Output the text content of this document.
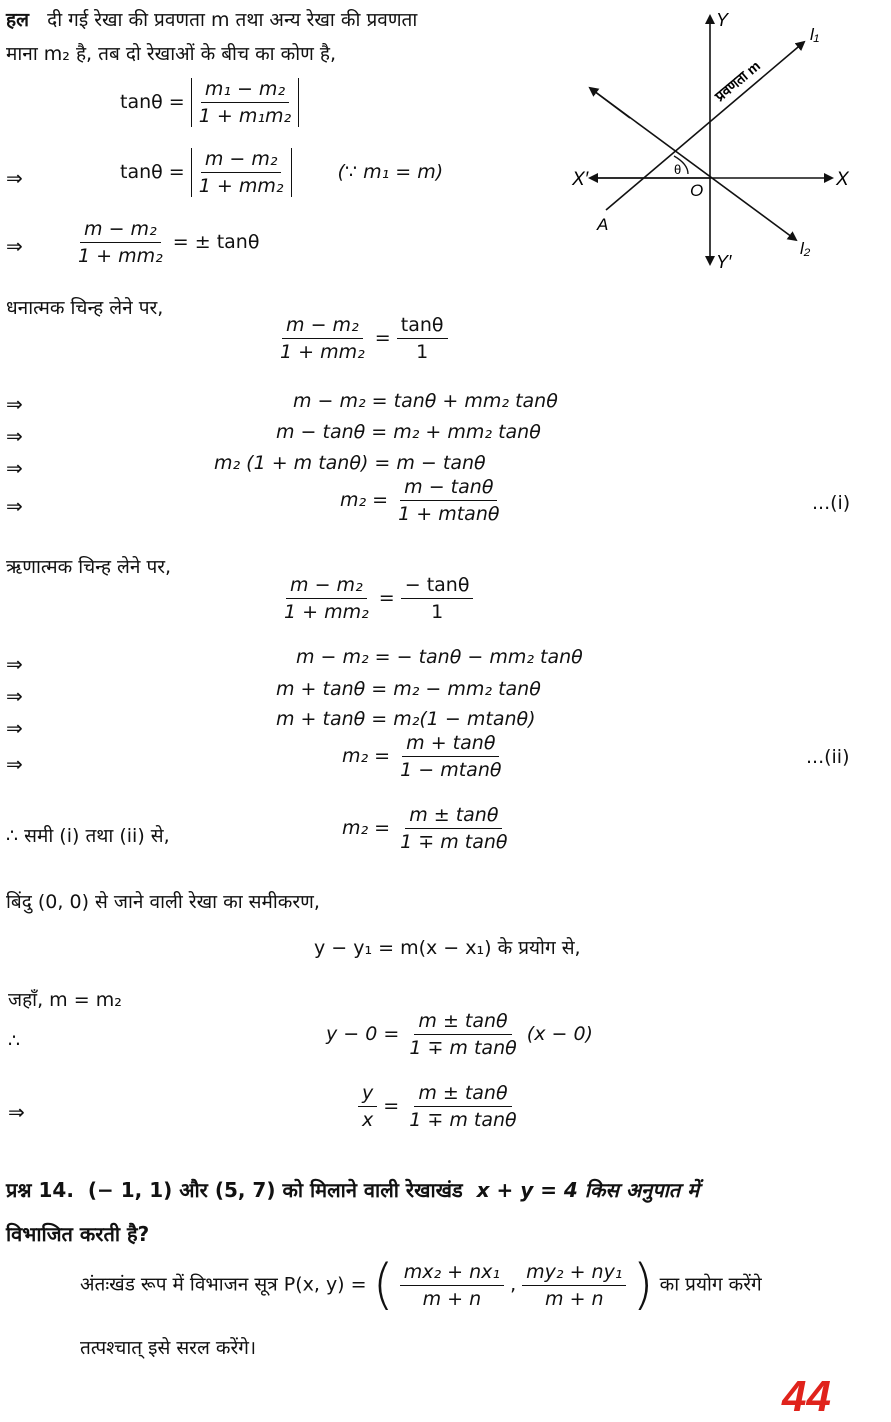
हल दी गई रेखा की प्रवणता m तथा अन्य रेखा की प्रवणता
माना m₂ है, तब दो रेखाओं के बीच का कोण है,
$\tan\theta = \frac{\text{m₁ − m₂}}{\text{1 + m₁m₂}}$
⇒	$\tan\theta = \frac{\text{m − m₂}}{\text{1 + mm₂}}$	(∵ m₁ = m)
⇒	$\frac{\text{m − m₂}}{\text{1 + mm₂}}$ = ± tanθ
धनात्मक चिन्ह लेने पर,
$\frac{\text{m − m₂}}{\text{1 + mm₂}} = \frac{\tan\theta}{1}$
⇒	m − m₂ = tanθ + mm₂ tanθ
⇒	m − tanθ = m₂ + mm₂ tanθ
⇒	m₂ (1 + m tanθ) = m − tanθ
⇒	$m_2 = \frac{m - \tan\theta}{1 + mtan\theta}$	...(i)
ऋणात्मक चिन्ह लेने पर,
$\frac{\text{m − m₂}}{\text{1 + mm₂}} = \frac{- \tan\theta}{1}$
⇒	m − m₂ = − tanθ − mm₂ tanθ
⇒	m + tanθ = m₂ − mm₂ tanθ
⇒	m + tanθ = m₂(1 − mtanθ)
⇒	$m_2 = \frac{m + \tan\theta}{1 - mtan\theta}$	...(ii)
∴ समी (i) तथा (ii) से,	$m_2 = \frac{m \pm \tan\theta}{\text{1 ∓ m tanθ}}$
बिंदु (0, 0) से जाने वाली रेखा का समीकरण,
y − y₁ = m(x − x₁) के प्रयोग से,
जहाँ, m = m₂
∴	$y - 0 = \frac{m \pm \tan\theta}{\text{1 ∓ m tanθ}} (x - 0)$
⇒	$\frac{y}{x} = \frac{m \pm \tan\theta}{\text{1 ∓ m tanθ}}$
प्रश्न 14. (− 1, 1) और (5, 7) को मिलाने वाली रेखाखंड x + y = 4 किस अनुपात में
विभाजित करती है?
अंतःखंड रूप में विभाजन सूत्र P(x, y) = ( $\frac{\text{mx₂ + nx₁}}{m + n}$ , $\frac{\text{my₂ + ny₁}}{m + n}$ ) का प्रयोग करेंगे
तत्पश्चात् इसे सरल करेंगे।
44
Y
Y′
X
X′
O
θ
A
l₁
l₂
प्रवणता m
